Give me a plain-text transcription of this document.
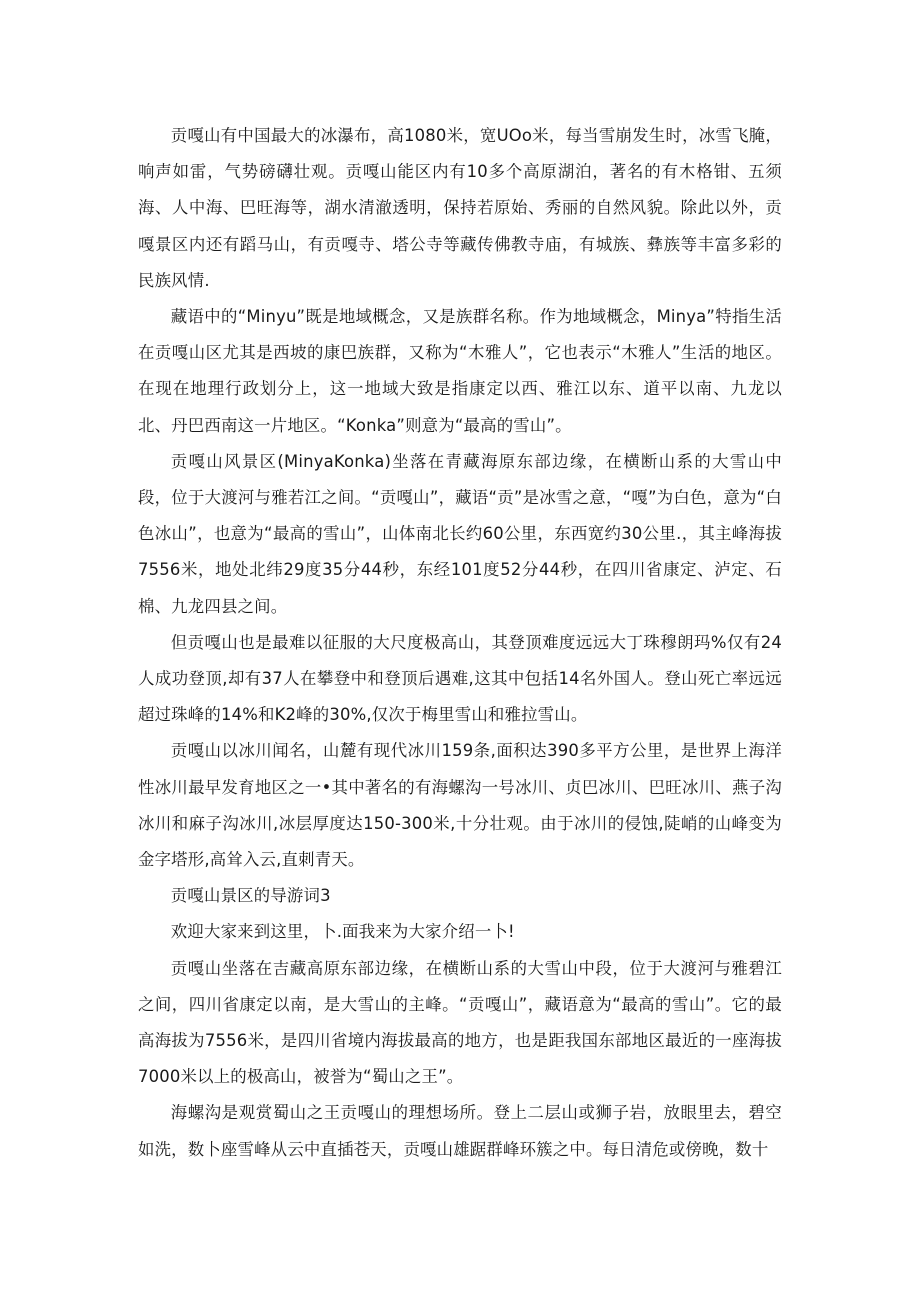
贡嘎山有中国最大的冰瀑布，高1080米，宽UOo米，每当雪崩发生时，冰雪飞腌，响声如雷，气势磅礴壮观。贡嘎山能区内有10多个高原湖泊，著名的有木格钳、五须海、人中海、巴旺海等，湖水清澈透明，保持若原始、秀丽的自然风貌。除此以外，贡嘎景区内还有蹈马山，有贡嘎寺、塔公寺等藏传佛教寺庙，有城族、彝族等丰富多彩的民族风情.

藏语中的“Minyu”既是地域概念，又是族群名称。作为地域概念，Minya”特指生活在贡嘎山区尤其是西坡的康巴族群，又称为“木雅人”，它也表示“木雅人”生活的地区。在现在地理行政划分上，这一地域大致是指康定以西、雅江以东、道平以南、九龙以北、丹巴西南这一片地区。“Konka”则意为“最高的雪山”。

贡嘎山风景区(MinyaKonka)坐落在青藏海原东部边缘，在横断山系的大雪山中段，位于大渡河与雅若江之间。“贡嘎山”，藏语“贡”是冰雪之意，“嘎”为白色，意为“白色冰山”，也意为“最高的雪山”，山体南北长约60公里，东西宽约30公里.，其主峰海拔7556米，地处北纬29度35分44秒，东经101度52分44秒，在四川省康定、泸定、石棉、九龙四县之间。

但贡嘎山也是最难以征服的大尺度极高山，其登顶难度远远大丁珠穆朗玛%仅有24人成功登顶,却有37人在攀登中和登顶后遇难,这其中包括14名外国人。登山死亡率远远超过珠峰的14%和K2峰的30%,仅次于梅里雪山和雅拉雪山。

贡嘎山以冰川闻名，山麓有现代冰川159条,面积达390多平方公里，是世界上海洋性冰川最早发育地区之一•其中著名的有海螺沟一号冰川、贞巴冰川、巴旺冰川、燕子沟冰川和麻子沟冰川,冰层厚度达150-300米,十分壮观。由于冰川的侵蚀,陡峭的山峰变为金字塔形,高耸入云,直刺青天。

贡嘎山景区的导游词3

欢迎大家来到这里，卜.面我来为大家介绍一卜!

贡嘎山坐落在吉藏高原东部边缘，在横断山系的大雪山中段，位于大渡河与雅碧江之间，四川省康定以南，是大雪山的主峰。“贡嘎山”，藏语意为“最高的雪山”。它的最高海拔为7556米，是四川省境内海拔最高的地方，也是距我国东部地区最近的一座海拔7000米以上的极高山，被誉为“蜀山之王”。

海螺沟是观赏蜀山之王贡嘎山的理想场所。登上二层山或狮子岩，放眼里去，碧空如洗，数卜座雪峰从云中直插苍天，贡嘎山雄踞群峰环簇之中。每日清危或傍晚，数十
